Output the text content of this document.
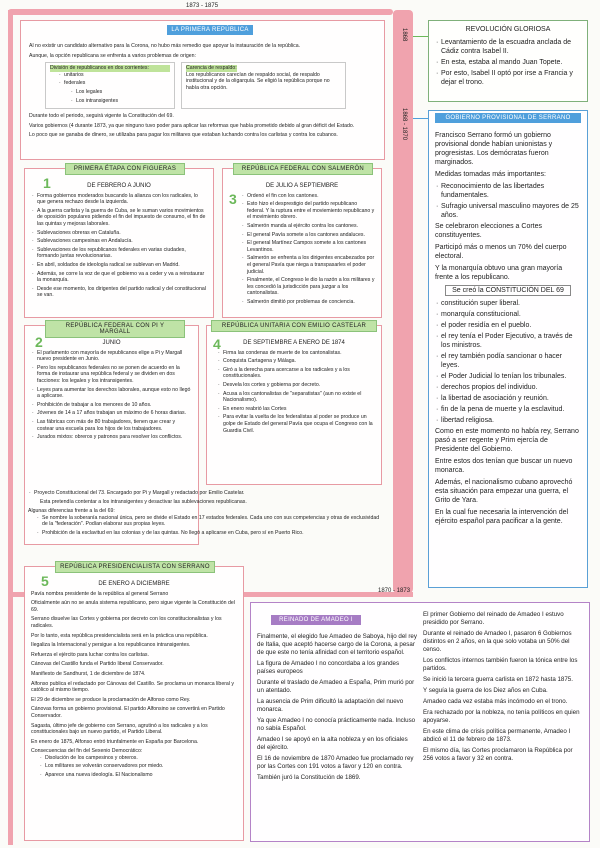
1873 - 1875
1868
1868 - 1870
1870 - 1873
LA PRIMERA REPÚBLICA
Al no existir un candidato alternativo para la Corona, no hubo más remedio que apoyar la instauración de la república.
Aunque, la opción republicana se enfrenta a varios problemas de origen:
División de republicanos en dos corrientes:
· unitarios
· federales
· Los legales
· Los intransigentes
Carencia de respaldo:
Los republicanos carecían de respaldo social, de respaldo institucional y de la oligarquía. Se eligió la república porque no había otra opción.
Durante todo el periodo, seguirá vigente la Constitución del 69.
Varios gobiernos (4 durante 1873, ya que ninguno tuvo poder para aplicar las reformas que había prometido debido al gran déficit del Estado.
Lo poco que se ganaba de dinero, se utilizaba para pagar los militares que estaban luchando contra los carlistas y contra los cubanos.
PRIMERA ÉTAPA CON FIGUERAS
1	DE FEBRERO A JUNIO
· Forma gobiernos moderados buscando la alianza con los radicales, lo que genera rechazo desde la izquierda.
· A la guerra carlista y la guerra de Cuba, se le suman varios movimientos de oposición populares pidiendo el fin del impuesto de consumo, el fin de las quintas y mejoras laborales.
· Sublevaciones obreras en Cataluña.
· Sublevaciones campesinas en Andalucía.
· Sublevaciones de los republicanos federales en varias ciudades, formando juntas revolucionarias.
· En abril, soldados de ideología radical se sublevan en Madrid.
· Además, se corre la voz de que el gobierno va a ceder y va a reinstaurar la monarquía.
· Desde ese momento, los dirigentes del partido radical y del constitucional se van.
REPÚBLICA FEDERAL CON SALMERÓN
3
DE JULIO A SEPTIEMBRE
· Ordenó el fin con los cantones.
· Esto hizo el desprestigio del partido republicano federal. Y la ruptura entre el moviemiento republicano y el movimiento obrero.
· Salmerón manda al ejército contra los cantones.
· El general Pavía somete a los cantones andaluces.
· El general Martínez Campos somete a los cantones Levantinos.
· Salmerón se enfrenta a los dirigentes encabezados por el general Pavía que niega a transpasarles el poder judicial.
· Finalmente, el Congreso le dio la razón a los militares y les concedió la jurisdicción para juzgar a los cantonalistas.
· Salmerón dimitió por problemas de conciencia.
REPÚBLICA FEDERAL CON PI Y MARGALL
2	JUNIO
· El parlamento con mayoría de republicanos elige a Pi y Margall nuevo presidente en Junio.
· Pero los republicanos federales no se ponen de acuerdo en la forma de instaurar una república federal y se dividen en dos facciones: los legales y los intransigentes.
· Leyes para aumentar los derechos laborales, aunque esto no llegó a aplicarse.
· Prohibición de trabajar a los menores de 10 años.
· Jóvenes de 14 a 17 años trabajan un máximo de 6 horas diarias.
· Las fábricas con más de 80 trabajadores, tienen que crear y costear una escuela para los hijos de los trabajadores.
· Jurados mixtos: obreros y patronos para resolver los conflictos.
REPÚBLICA UNITARIA CON EMILIO CASTELAR
4	DE SEPTIEMBRE A ENERO DE 1874
· Firma las condenas de muerte de los cantonalistas.
· Conquista Cartagena y Málaga.
· Giró a la derecha para acercarse a los radicales y a los constitucionales.
· Desvela los cortes y gobierna por decreto.
· Acusa a los cantonalistas de "separatistas" (aun no existe el Nacionalismo).
· En enero reabrió las Cortes
· Para evitar la vuelta de los federalistas al poder se produce un golpe de Estado del general Pavía que ocupa el Congreso con la Guardia Civil.
· Proyecto Constitucional del 73. Encargado por Pi y Margall y redactado por Emilio Castelar.
Esta pretendía contentar a los intransigentes y desactivar las sublevaciones republicanas.
Algunas diferencias frente a la del 69:
· Se nombre la soberanía nacional única, pero se divide el Estado en 17 estados federales. Cada uno con sus competencias y otras de exclusividad de la "federación". Podían elaborar sus propias leyes.
· Prohibición de la esclavitud en las colonias y de las quintas. No llegó a aplicarse en Cuba, pero sí en Puerto Rico.
REPÚBLICA PRESIDENCIALISTA CON SERRANO
5	DE ENERO A DICIEMBRE
Pavía nombra presidente de la república al general Serrano
Oficialmente aún no se anula sistema republicano, pero sigue vigente la Constitución del 69.
Serrano disuelve las Cortes y gobierna por decreto con los constitucionalistas y los radicales.
Por lo tanto, esta república presidencialista será en la práctica una república.
Ilegaliza la Internacional y persigue a los republicanos intransigentes.
Refuerza el ejército para luchar contra los carlistas.
Cánovas del Castillo funda el Partido liberal Conservador.
Manifiesto de Sandhurst, 1 de diciembre de 1874.
Alfonso publica el redactado por Cánovas del Castillo. Se proclama un monarca liberal y católico al mismo tiempo.
El 29 de diciembre se produce la proclamación de Alfonso como Rey.
Cánovas forma un gobierno provisional. El partido Alfonsino se convertirá en Partido Conservador.
Sagasta, último jefe de gobierno con Serrano, agrutinó a los radicales y a los constitucionales bajo un nuevo partido, el Partido Liberal.
En enero de 1875, Alfonso entró triunfalmente en España por Barcelona.
Consecuencias del fin del Sexenio Democrático:
· Disolución de los campesinos y obreros.
· Los militares se volverán conservadores por miedo.
· Aparece una nueva ideología. El Nacionalismo
REVOLUCIÓN GLORIOSA
· Levantamiento de la escuadra anclada de Cádiz contra Isabel II.
· En esta, estaba al mando Juan Topete.
· Por esto, Isabel II optó por irse a Francia y dejar el trono.
GOBIERNO PROVISIONAL DE SERRANO
Francisco Serrano formó un gobierno provisional donde habían unionistas y progresistas. Los demócratas fueron marginados.
Medidas tomadas más importantes:
· Reconocimiento de las libertades fundamentales.
· Sufragio universal masculino mayores de 25 años.
Se celebraron elecciones a Cortes constituyentes.
Participó más o menos un 70% del cuerpo electoral.
Y la monarquía obtuvo una gran mayoría frente a los republicano.
Se creó la CONSTITUCIÓN DEL 69
· constitución super liberal.
· monarquía constitucional.
· el poder residía en el pueblo.
· el rey tenía el Poder Ejecutivo, a través de los ministros.
· el rey también podía sancionar o hacer leyes.
· el Poder Judicial lo tenían los tribunales.
· derechos propios del individuo.
· la libertad de asociación y reunión.
· fin de la pena de muerte y la esclavitud.
· libertad religiosa.
Como en este momento no había rey, Serrano pasó a ser regente y Prim ejercía de Presidente del Gobierno.
Entre estos dos tenían que buscar un nuevo monarca.
Además, el nacionalismo cubano aprovechó esta situación para empezar una guerra, el Grito de Yara.
En la cual fue necesaria la intervención del ejército español para pacificar a la gente.
REINADO DE AMADEO I
Finalmente, el elegido fue Amadeo de Saboya, hijo del rey de Italia, que aceptó hacerse cargo de la Corona, a pesar de que este no tenía afinidad con el territorio español.
La figura de Amadeo I no concordaba a los grandes países europeos
Durante el traslado de Amadeo a España, Prim murió por un atentado.
La ausencia de Prim dificultó la adaptación del nuevo monarca.
Ya que Amadeo I no conocía prácticamente nada. Incluso no sabía Español.
Amadeo I se apoyó en la alta nobleza y en los oficiales del ejército.
El 16 de noviembre de 1870 Amadeo fue proclamado rey por las Cortes con 191 votos a favor y 120 en contra.
También juró la Constitución de 1869.
El primer Gobierno del reinado de Amadeo I estuvo presidido por Serrano.
Durante el reinado de Amadeo I, pasaron 6 Gobiernos distintos en 2 años, en la que solo votaba un 50% del censo.
Los conflictos internos también fueron la tónica entre los partidos.
Se inició la tercera guerra carlista en 1872 hasta 1875.
Y seguía la guerra de los Diez años en Cuba.
Amadeo cada vez estaba más incómodo en el trono.
Era rechazado por la nobleza, no tenía políticos en quien apoyarse.
En este clima de crisis política permanente, Amadeo I abdicó el 11 de febrero de 1873.
El mismo día, las Cortes proclamaron la República por 256 votos a favor y 32 en contra.
